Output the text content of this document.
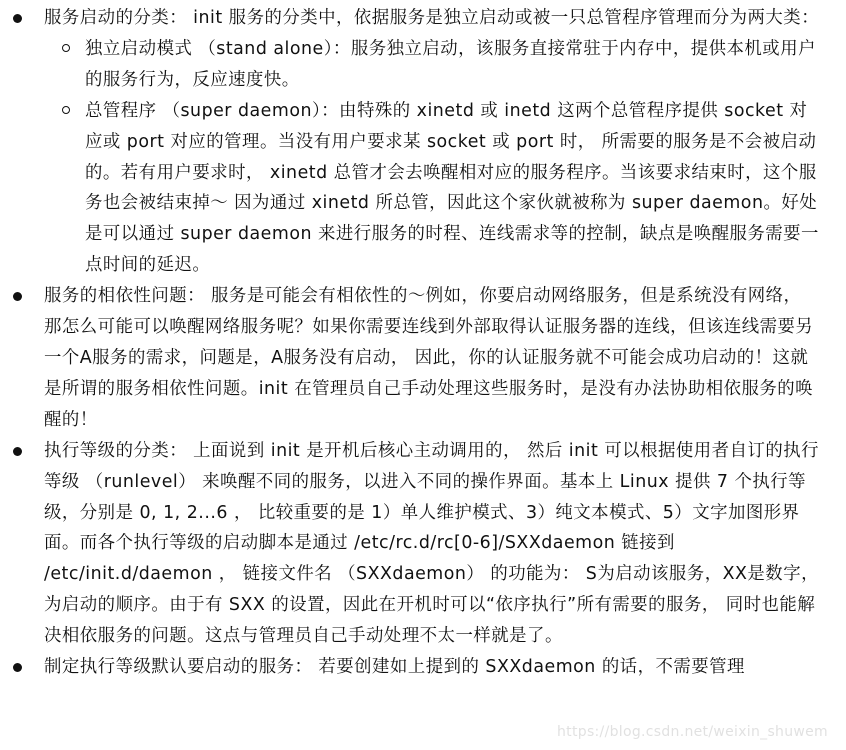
服务启动的分类： init 服务的分类中，依据服务是独立启动或被一只总管程序管理而分为两大类：
独立启动模式 （stand alone）：服务独立启动，该服务直接常驻于内存中，提供本机或用户的服务行为，反应速度快。
总管程序 （super daemon）：由特殊的 xinetd 或 inetd 这两个总管程序提供 socket 对应或 port 对应的管理。当没有用户要求某 socket 或 port 时， 所需要的服务是不会被启动的。若有用户要求时， xinetd 总管才会去唤醒相对应的服务程序。当该要求结束时，这个服务也会被结束掉～ 因为通过 xinetd 所总管，因此这个家伙就被称为 super daemon。好处是可以通过 super daemon 来进行服务的时程、连线需求等的控制，缺点是唤醒服务需要一点时间的延迟。
服务的相依性问题： 服务是可能会有相依性的～例如，你要启动网络服务，但是系统没有网络， 那怎么可能可以唤醒网络服务呢？如果你需要连线到外部取得认证服务器的连线，但该连线需要另一个A服务的需求，问题是，A服务没有启动， 因此，你的认证服务就不可能会成功启动的！这就是所谓的服务相依性问题。init 在管理员自己手动处理这些服务时，是没有办法协助相依服务的唤醒的！
执行等级的分类： 上面说到 init 是开机后核心主动调用的， 然后 init 可以根据使用者自订的执行等级 （runlevel） 来唤醒不同的服务，以进入不同的操作界面。基本上 Linux 提供 7 个执行等级，分别是 0, 1, 2...6 ， 比较重要的是 1）单人维护模式、3）纯文本模式、5）文字加图形界面。而各个执行等级的启动脚本是通过 /etc/rc.d/rc[0-6]/SXXdaemon 链接到 /etc/init.d/daemon ， 链接文件名 （SXXdaemon） 的功能为： S为启动该服务，XX是数字，为启动的顺序。由于有 SXX 的设置，因此在开机时可以“依序执行”所有需要的服务， 同时也能解决相依服务的问题。这点与管理员自己手动处理不太一样就是了。
制定执行等级默认要启动的服务： 若要创建如上提到的 SXXdaemon 的话，不需要管理
https://blog.csdn.net/weixin_shuwem
